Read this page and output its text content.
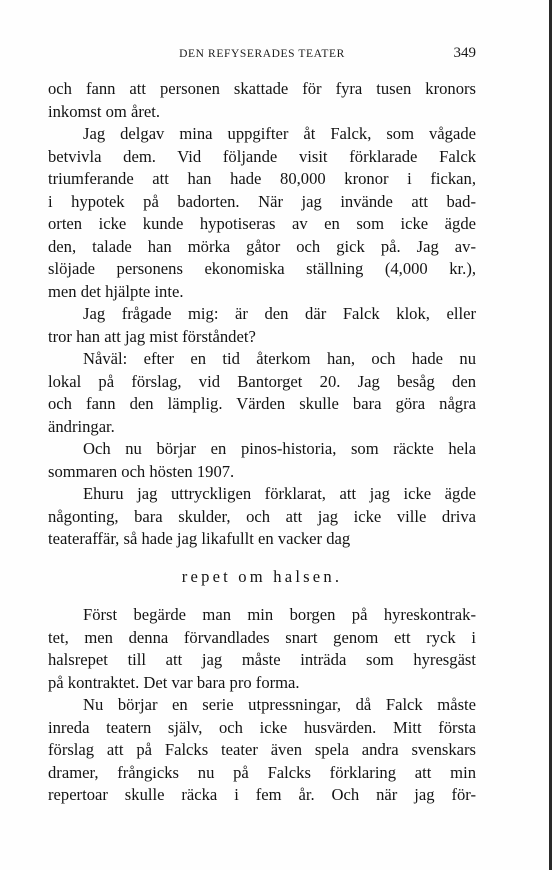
DEN REFYSERADES TEATER	349
och fann att personen skattade för fyra tusen kronors
inkomst om året.
Jag delgav mina uppgifter åt Falck, som vågade
betvivla dem. Vid följande visit förklarade Falck
triumferande att han hade 80,000 kronor i fickan,
i hypotek på badorten. När jag invände att bad-
orten icke kunde hypotiseras av en som icke ägde
den, talade han mörka gåtor och gick på. Jag av-
slöjade personens ekonomiska ställning (4,000 kr.),
men det hjälpte inte.
Jag frågade mig: är den där Falck klok, eller
tror han att jag mist förståndet?
Nåväl: efter en tid återkom han, och hade nu
lokal på förslag, vid Bantorget 20. Jag besåg den
och fann den lämplig. Värden skulle bara göra några
ändringar.
Och nu börjar en pinos-historia, som räckte hela
sommaren och hösten 1907.
Ehuru jag uttryckligen förklarat, att jag icke ägde
någonting, bara skulder, och att jag icke ville driva
teateraffär, så hade jag likafullt en vacker dag
repet om halsen.
Först begärde man min borgen på hyreskontrak-
tet, men denna förvandlades snart genom ett ryck i
halsrepet till att jag måste inträda som hyresgäst
på kontraktet. Det var bara pro forma.
Nu börjar en serie utpressningar, då Falck måste
inreda teatern själv, och icke husvärden. Mitt första
förslag att på Falcks teater även spela andra svenskars
dramer, frångicks nu på Falcks förklaring att min
repertoar skulle räcka i fem år. Och när jag för-
